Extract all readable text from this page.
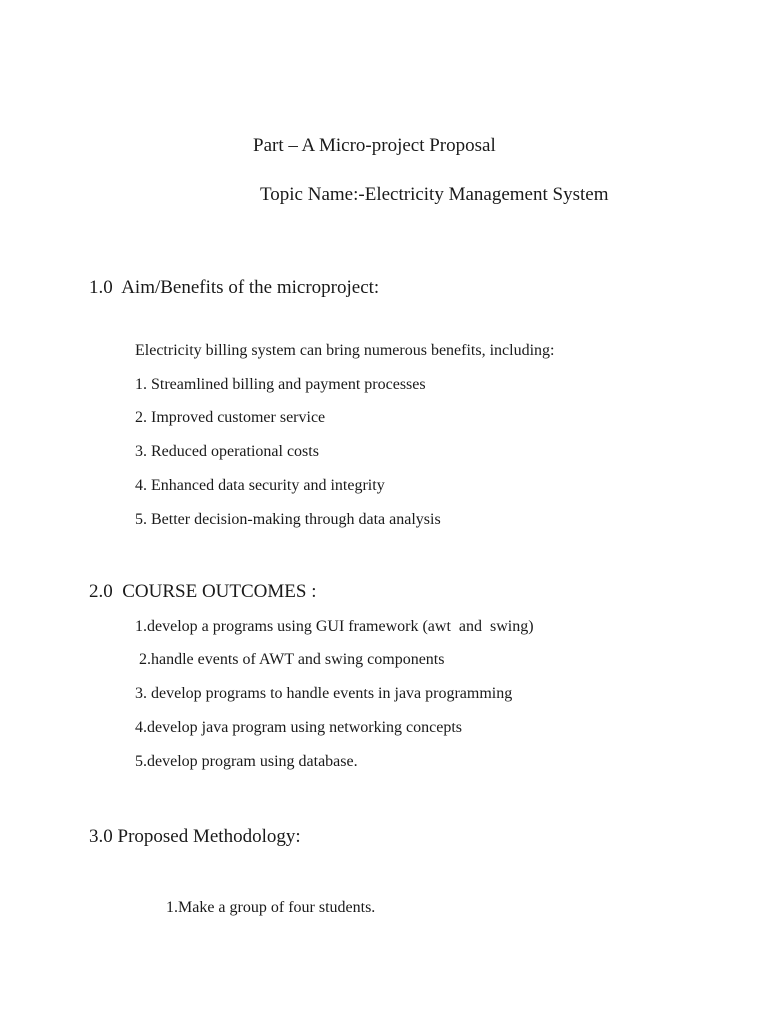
Part – A Micro-project Proposal
Topic Name:-Electricity Management System
1.0  Aim/Benefits of the microproject:
Electricity billing system can bring numerous benefits, including:
1. Streamlined billing and payment processes
2. Improved customer service
3. Reduced operational costs
4. Enhanced data security and integrity
5. Better decision-making through data analysis
2.0  COURSE OUTCOMES :
1.develop a programs using GUI framework (awt  and  swing)
2.handle events of AWT and swing components
3. develop programs to handle events in java programming
4.develop java program using networking concepts
5.develop program using database.
3.0 Proposed Methodology:
1.Make a group of four students.
